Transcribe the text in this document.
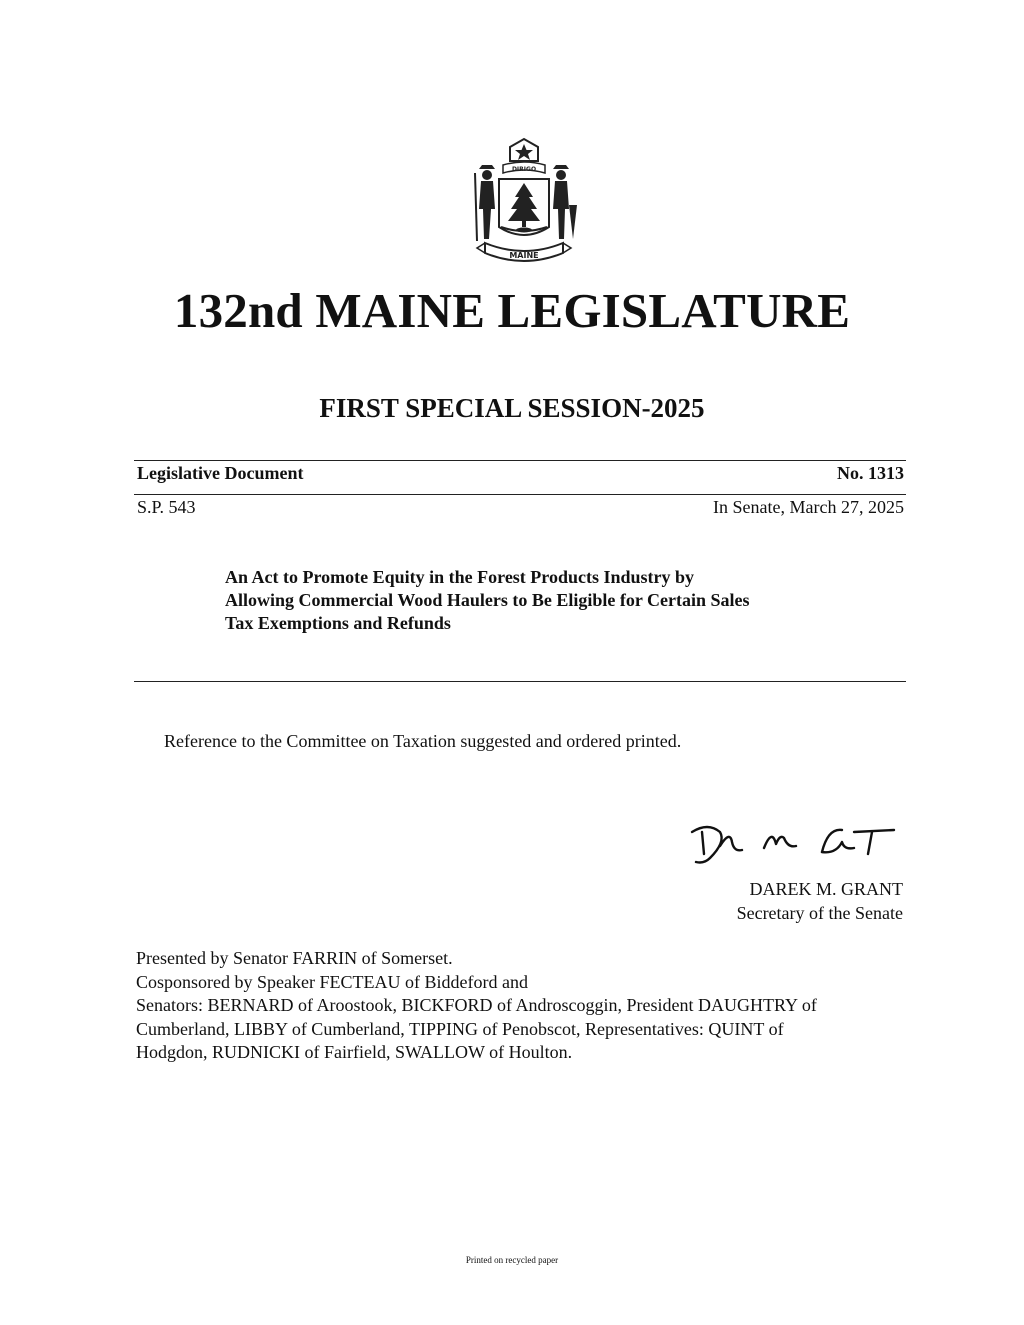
DIRIGO
MAINE
132nd MAINE LEGISLATURE
FIRST SPECIAL SESSION-2025
Legislative Document	No. 1313
S.P. 543	In Senate, March 27, 2025
An Act to Promote Equity in the Forest Products Industry by
Allowing Commercial Wood Haulers to Be Eligible for Certain Sales
Tax Exemptions and Refunds
Reference to the Committee on Taxation suggested and ordered printed.
DAREK M. GRANT
Secretary of the Senate
Presented by Senator FARRIN of Somerset.
Cosponsored by Speaker FECTEAU of Biddeford and
Senators: BERNARD of Aroostook, BICKFORD of Androscoggin, President DAUGHTRY of
Cumberland, LIBBY of Cumberland, TIPPING of Penobscot, Representatives: QUINT of
Hodgdon, RUDNICKI of Fairfield, SWALLOW of Houlton.
Printed on recycled paper
